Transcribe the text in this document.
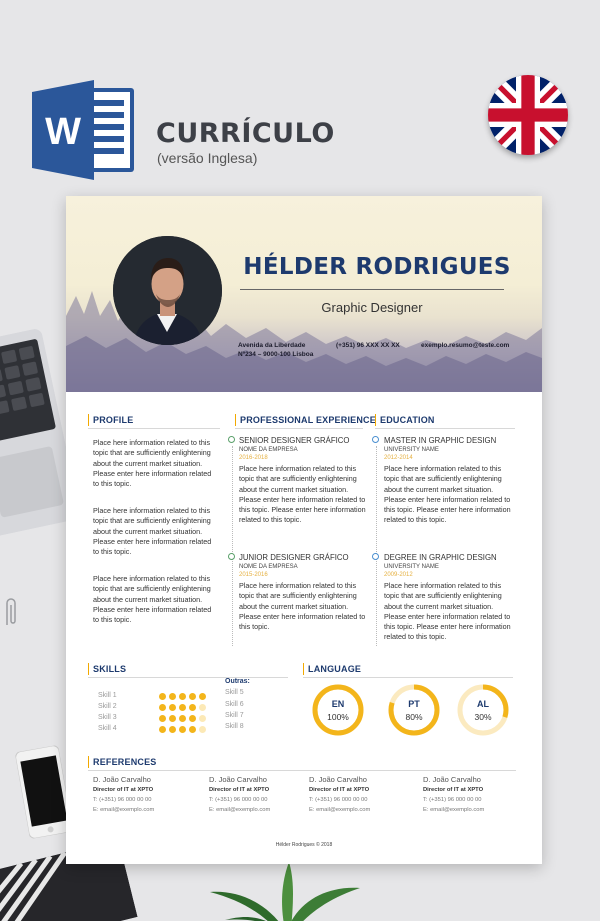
W	CURRÍCULO
(versão Inglesa)
HÉLDER RODRIGUES
Graphic Designer
Avenida da Liberdade
Nº234 – 9000-100 Lisboa
(+351) 96 XXX XX XX	exemplo.resumo@teste.com
PROFILE
Place here information related to this topic that are sufficiently enlightening about the current market situation. Please enter here information related to this topic.
Place here information related to this topic that are sufficiently enlightening about the current market situation. Please enter here information related to this topic.
Place here information related to this topic that are sufficiently enlightening about the current market situation. Please enter here information related to this topic.
PROFESSIONAL EXPERIENCE
SENIOR DESIGNER GRÁFICO
NOME DA EMPRESA
2016-2018
Place here information related to this topic that are sufficiently enlightening about the current market situation. Please enter here information related to this topic. Please enter here information related to this topic.
JUNIOR DESIGNER GRÁFICO
NOME DA EMPRESA
2015-2016
Place here information related to this topic that are sufficiently enlightening about the current market situation. Please enter here information related to this topic.
EDUCATION
MASTER IN GRAPHIC DESIGN
UNIVERSITY NAME
2012-2014
Place here information related to this topic that are sufficiently enlightening about the current market situation. Please enter here information related to this topic. Please enter here information related to this topic.
DEGREE IN GRAPHIC DESIGN
UNIVERSITY NAME
2009-2012
Place here information related to this topic that are sufficiently enlightening about the current market situation. Please enter here information related to this topic. Please enter here information related to this topic.
SKILLS
Skill 1
Skill 2
Skill 3
Skill 4
Outras:
Skill 5
Skill 6
Skill 7
Skill 8
LANGUAGE
EN
100%
PT
80%
AL
30%
REFERENCES
D. João Carvalho
Director of IT at XPTO
T: (+351) 96 000 00 00
E: email@exemplo.com
D. João Carvalho
Director of IT at XPTO
T: (+351) 96 000 00 00
E: email@exemplo.com
D. João Carvalho
Director of IT at XPTO
T: (+351) 96 000 00 00
E: email@exemplo.com
D. João Carvalho
Director of IT at XPTO
T: (+351) 96 000 00 00
E: email@exemplo.com
Hélder Rodrigues © 2018
